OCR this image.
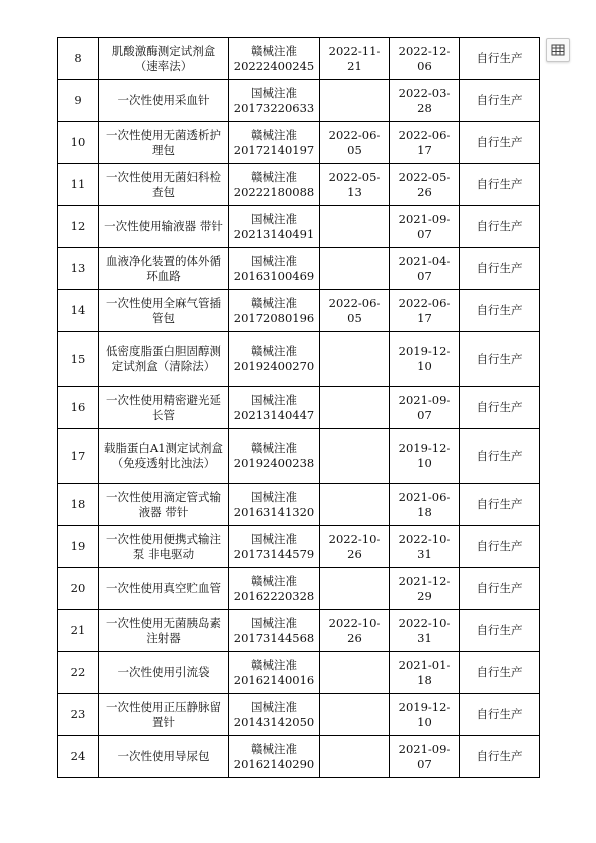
8	肌酸激酶测定试剂盒（速率法）	赣械注准
20222400245	2022-11-21	2022-12-06	自行生产
9	一次性使用采血针	国械注准
20173220633		2022-03-28	自行生产
10	一次性使用无菌透析护理包	赣械注准
20172140197	2022-06-05	2022-06-17	自行生产
11	一次性使用无菌妇科检查包	赣械注准
20222180088	2022-05-13	2022-05-26	自行生产
12	一次性使用输液器 带针	国械注准
20213140491		2021-09-07	自行生产
13	血液净化装置的体外循环血路	国械注准
20163100469		2021-04-07	自行生产
14	一次性使用全麻气管插管包	赣械注准
20172080196	2022-06-05	2022-06-17	自行生产
15	低密度脂蛋白胆固醇测定试剂盒（清除法）	赣械注准
20192400270		2019-12-10	自行生产
16	一次性使用精密避光延长管	国械注准
20213140447		2021-09-07	自行生产
17	载脂蛋白A1测定试剂盒（免疫透射比浊法）	赣械注准
20192400238		2019-12-10	自行生产
18	一次性使用滴定管式输液器 带针	国械注准
20163141320		2021-06-18	自行生产
19	一次性使用便携式输注泵 非电驱动	国械注准
20173144579	2022-10-26	2022-10-31	自行生产
20	一次性使用真空贮血管	赣械注准
20162220328		2021-12-29	自行生产
21	一次性使用无菌胰岛素注射器	国械注准
20173144568	2022-10-26	2022-10-31	自行生产
22	一次性使用引流袋	赣械注准
20162140016		2021-01-18	自行生产
23	一次性使用正压静脉留置针	国械注准
20143142050		2019-12-10	自行生产
24	一次性使用导尿包	赣械注准
20162140290		2021-09-07	自行生产
